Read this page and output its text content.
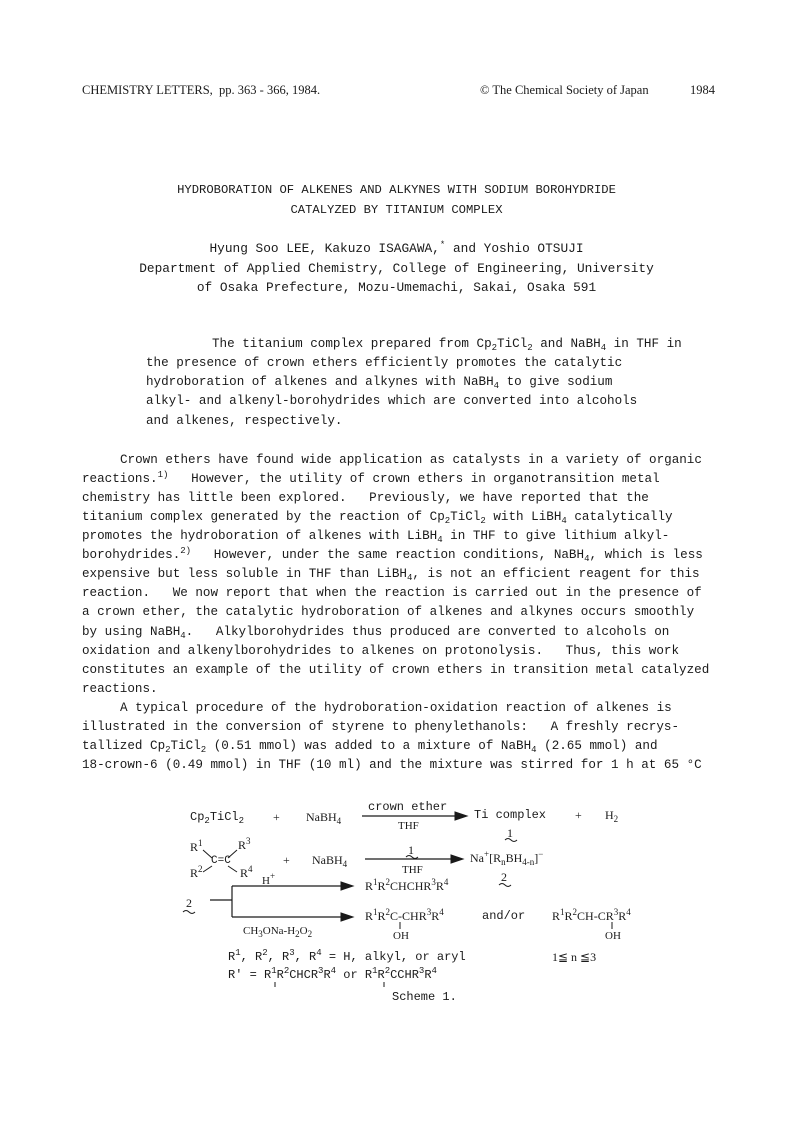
CHEMISTRY LETTERS, pp. 363 - 366, 1984.	© The Chemical Society of Japan	1984
HYDROBORATION OF ALKENES AND ALKYNES WITH SODIUM BOROHYDRIDE
CATALYZED BY TITANIUM COMPLEX
Hyung Soo LEE, Kakuzo ISAGAWA,* and Yoshio OTSUJI
Department of Applied Chemistry, College of Engineering, University
of Osaka Prefecture, Mozu-Umemachi, Sakai, Osaka 591
The titanium complex prepared from $Cp_2TiCl_2$ and NaBH$_4$ in THF in
the presence of crown ethers efficiently promotes the catalytic
hydroboration of alkenes and alkynes with NaBH$_4$ to give sodium
alkyl- and alkenyl-borohydrides which are converted into alcohols
and alkenes, respectively.
Crown ethers have found wide application as catalysts in a variety of organic
reactions.$^{1)}$   However, the utility of crown ethers in organotransition metal
chemistry has little been explored.   Previously, we have reported that the
titanium complex generated by the reaction of $Cp_2TiCl_2$ with LiBH$_4$ catalytically
promotes the hydroboration of alkenes with LiBH$_4$ in THF to give lithium alkyl-
borohydrides.$^{2)}$   However, under the same reaction conditions, NaBH$_4$, which is less
expensive but less soluble in THF than LiBH$_4$, is not an efficient reagent for this
reaction.   We now report that when the reaction is carried out in the presence of
a crown ether, the catalytic hydroboration of alkenes and alkynes occurs smoothly
by using NaBH$_4$.   Alkylborohydrides thus produced are converted to alcohols on
oxidation and alkenylborohydrides to alkenes on protonolysis.   Thus, this work
constitutes an example of the utility of crown ethers in transition metal catalyzed
reactions.
A typical procedure of the hydroboration-oxidation reaction of alkenes is
illustrated in the conversion of styrene to phenylethanols:   A freshly recrys-
tallized $Cp_2TiCl_2$ (0.51 mmol) was added to a mixture of NaBH$_4$ (2.65 mmol) and
18-crown-6 (0.49 mmol) in THF (10 ml) and the mixture was stirred for 1 h at 65 °C
$Cp_2TiCl_2$ + NaBH$_4$
crown ether
THF
Ti complex + $H_2$
1
$R^1$	$R^3$
C=C
$R^2$	$R^4$
+ NaBH$_4$
1
THF
$Na^+[R_nBH_{4-n}]^-$
2
H+
$R^1R^2CHCHR^3R^4$
2
$R^1R^2C-CHR^3R^4$
OH
and/or $R^1R^2CH-CR^3R^4$
OH
$CH_3ONa-H_2O_2$
$R^1$, $R^2$, $R^3$, $R^4 = H$, alkyl, or aryl	1≦ n ≦3
$R' = R^1R^2CHCR^3R^4$ or $R^1R^2CCHR^3R^4$
Scheme 1.
